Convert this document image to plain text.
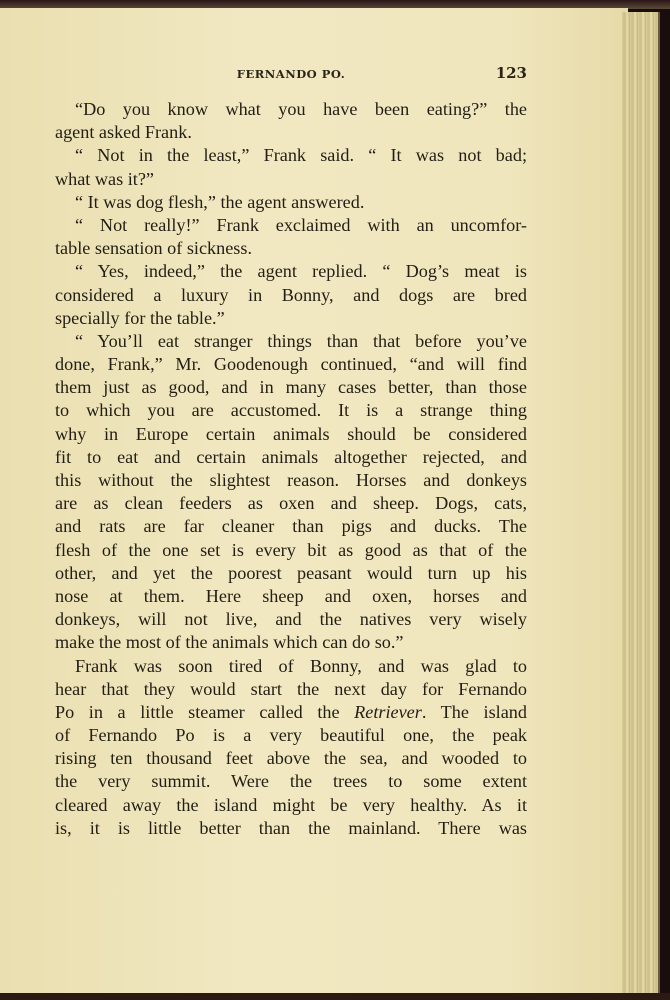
FERNANDO PO.	123
“Do you know what you have been eating?” the
agent asked Frank.
“ Not in the least,” Frank said. “ It was not bad;
what was it?”
“ It was dog flesh,” the agent answered.
“ Not really!” Frank exclaimed with an uncomfor-
table sensation of sickness.
“ Yes, indeed,” the agent replied. “ Dog’s meat is
considered a luxury in Bonny, and dogs are bred
specially for the table.”
“ You’ll eat stranger things than that before you’ve
done, Frank,” Mr. Goodenough continued, “and will find
them just as good, and in many cases better, than those
to which you are accustomed. It is a strange thing
why in Europe certain animals should be considered
fit to eat and certain animals altogether rejected, and
this without the slightest reason. Horses and donkeys
are as clean feeders as oxen and sheep. Dogs, cats,
and rats are far cleaner than pigs and ducks. The
flesh of the one set is every bit as good as that of the
other, and yet the poorest peasant would turn up his
nose at them. Here sheep and oxen, horses and
donkeys, will not live, and the natives very wisely
make the most of the animals which can do so.”
Frank was soon tired of Bonny, and was glad to
hear that they would start the next day for Fernando
Po in a little steamer called the Retriever. The island
of Fernando Po is a very beautiful one, the peak
rising ten thousand feet above the sea, and wooded to
the very summit. Were the trees to some extent
cleared away the island might be very healthy. As it
is, it is little better than the mainland. There was
